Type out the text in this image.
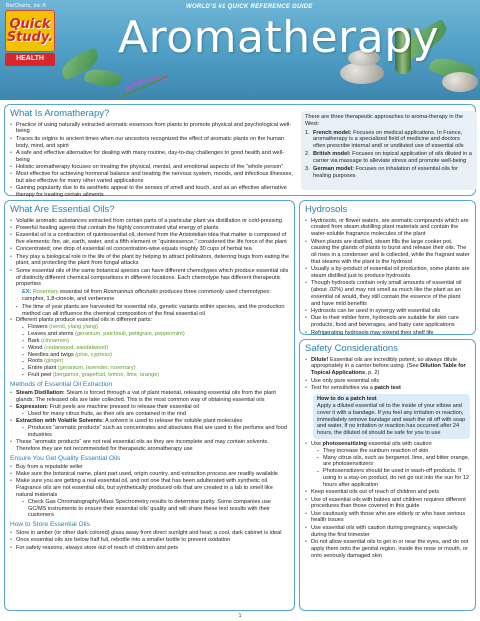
BarCharts, Inc.®
Quick
Study.
HEALTH
WORLD’S #1 QUICK REFERENCE GUIDE
Aromatherapy
What Is Aromatherapy?
• Practice of using naturally extracted aromatic essences from plants to promote physical and psychological well-being
• Traces its origins to ancient times when our ancestors recognized the effect of aromatic plants on the human body, mind, and spirit
• A safe and effective alternative for dealing with many routine, day-to-day challenges to good health and well-being
• Holistic aromatherapy focuses on treating the physical, mental, and emotional aspects of the “whole person”
• Most effective for achieving hormonal balance and treating the nervous system, moods, and infectious illnesses, but also effective for many other varied applications
• Gaining popularity due to its aesthetic appeal to the senses of smell and touch, and as an effective alternative therapy for treating certain ailments
There are three therapeutic approaches to aroma-therapy in the West:
1. French model: Focuses on medical applications. In France, aromatherapy is a specialized field of medicine and doctors often prescribe internal and/ or undiluted use of essential oils
2. British model: Focuses on topical application of oils diluted in a carrier via massage to alleviate stress and promote well-being
3. German model: Focuses on inhalation of essential oils for healing purposes
What Are Essential Oils?
• Volatile aromatic substances extracted from certain parts of a particular plant via distillation or cold-pressing
• Powerful healing agents that contain the highly concentrated vital energy of plants
• Essential oil is a contraction of quintessential oil, derived from the Aristotelian idea that matter is composed of five elements: fire, air, earth, water, and a fifth element or “quintessence,” considered the life force of the plant
• Concentrated; one drop of essential oil concentration-wise equals roughly 30 cups of herbal tea
• They play a biological role in the life of the plant by helping to attract pollinators, deterring bugs from eating the plant, and protecting the plant from fungal attacks
• Some essential oils of the same botanical species can have different chemotypes which produce essential oils of distinctly different chemical compositions in different locations. Each chemotype has different therapeutic properties
EX: Rosemary essential oil from Rosmarinus officinalis produces three commonly used chemotypes: camphor, 1,8-cineole, and verbenone
▪ The time of year plants are harvested for essential oils, genetic variants within species, and the production method can all influence the chemical composition of the final essential oil
• Different plants produce essential oils in different parts:
▪ Flowers (neroli, ylang ylang)
▪ Leaves and stems (geranium, patchouli, petitgrain, peppermint)
▪ Bark (cinnamon)
▪ Wood (cedarwood, sandalwood)
▪ Needles and twigs (pine, cypress)
▪ Roots (ginger)
▪ Entire plant (geranium, lavender, rosemary)
▪ Fruit peel (bergamot, grapefruit, lemon, lime, orange)
Methods of Essential Oil Extraction
• Steam Distillation: Steam is forced through a vat of plant material, releasing essential oils from the plant glands. The released oils are later collected. This is the most common way of obtaining essential oils
• Expression: Fruit peels are machine pressed to release their essential oil
▪ Used for many citrus fruits, as their oils are contained in the rind
• Extraction with Volatile Solvents: A solvent is used to release the soluble plant molecules
▪ Produces “aromatic products” such as concentrates and absolutes that are used in the perfume and food industries
• These “aromatic products” are not real essential oils as they are incomplete and may contain solvents. Therefore they are not recommended for therapeutic aromatherapy use
Ensure You Get Quality Essential Oils
• Buy from a reputable seller
• Make sure the botanical name, plant part used, origin country, and extraction process are readily available
• Make sure you are getting a real essential oil, and not one that has been adulterated with synthetic oil. Fragrance oils are not essential oils, but synthetically produced oils that are created in a lab to smell like natural materials
▪ Check Gas Chromatography/Mass Spectrometry results to determine purity. Some companies use GC/MS instruments to ensure their essential oils’ quality and will share these test results with their customers
How to Store Essential Oils
• Store in amber (or other dark colored) glass away from direct sunlight and heat; a cool, dark cabinet is ideal
• Once essential oils are below half full, rebottle into a smaller bottle to prevent oxidation
• For safety reasons, always store out of reach of children and pets
Hydrosols
• Hydrosols, or flower waters, are aromatic compounds which are created from steam distilling plant materials and contain the water-soluble fragrance molecules of the plant
• When plants are distilled, steam fills the large cooker pot, causing the glands of plants to burst and release their oils. The oil rises in a condenser and is collected, while the fragrant water that steams with the plant is the hydrosol
• Usually a by-product of essential oil production, some plants are steam distilled just to produce hydrosols
• Though hydrosols contain only small amounts of essential oil (about .02%) and may not smell as much like the plant as an essential oil would, they still contain the essence of the plant and have mild benefits
• Hydrosols can be used in synergy with essential oils
• Due to their milder form, hydrosols are suitable for skin care products, food and beverages, and baby care applications
• Refrigerating hydrosols may extend their shelf life
Safety Considerations
• Dilute! Essential oils are incredibly potent, so always dilute appropriately in a carrier before using. (See Dilution Table for Topical Applications, p. 2)
• Use only pure essential oils
• Test for sensitivities via a patch test
How to do a patch test
Apply a diluted essential oil to the inside of your elbow and cover it with a bandage. If you feel any irritation or reaction, immediately remove bandage and wash the oil off with soap and water. If no irritation or reaction has occurred after 24 hours, the diluted oil should be safe for you to use
• Use photosensitizing essential oils with caution
▪ They increase the sunburn reaction of skin
▪ Many citrus oils, such as bergamot, lime, and bitter orange, are photosensitizers
▪ Photosensitizers should be used in wash-off products. If using in a stay-on product, do not go out into the sun for 12 hours after application
• Keep essential oils out of reach of children and pets
• Use of essential oils with babies and children requires different procedures than those covered in this guide
• Use cautiously with those who are elderly or who have serious health issues
• Use essential oils with caution during pregnancy, especially during the first trimester
• Do not allow essential oils to get in or near the eyes, and do not apply them onto the genital region, inside the nose or mouth, or onto seriously damaged skin
1
